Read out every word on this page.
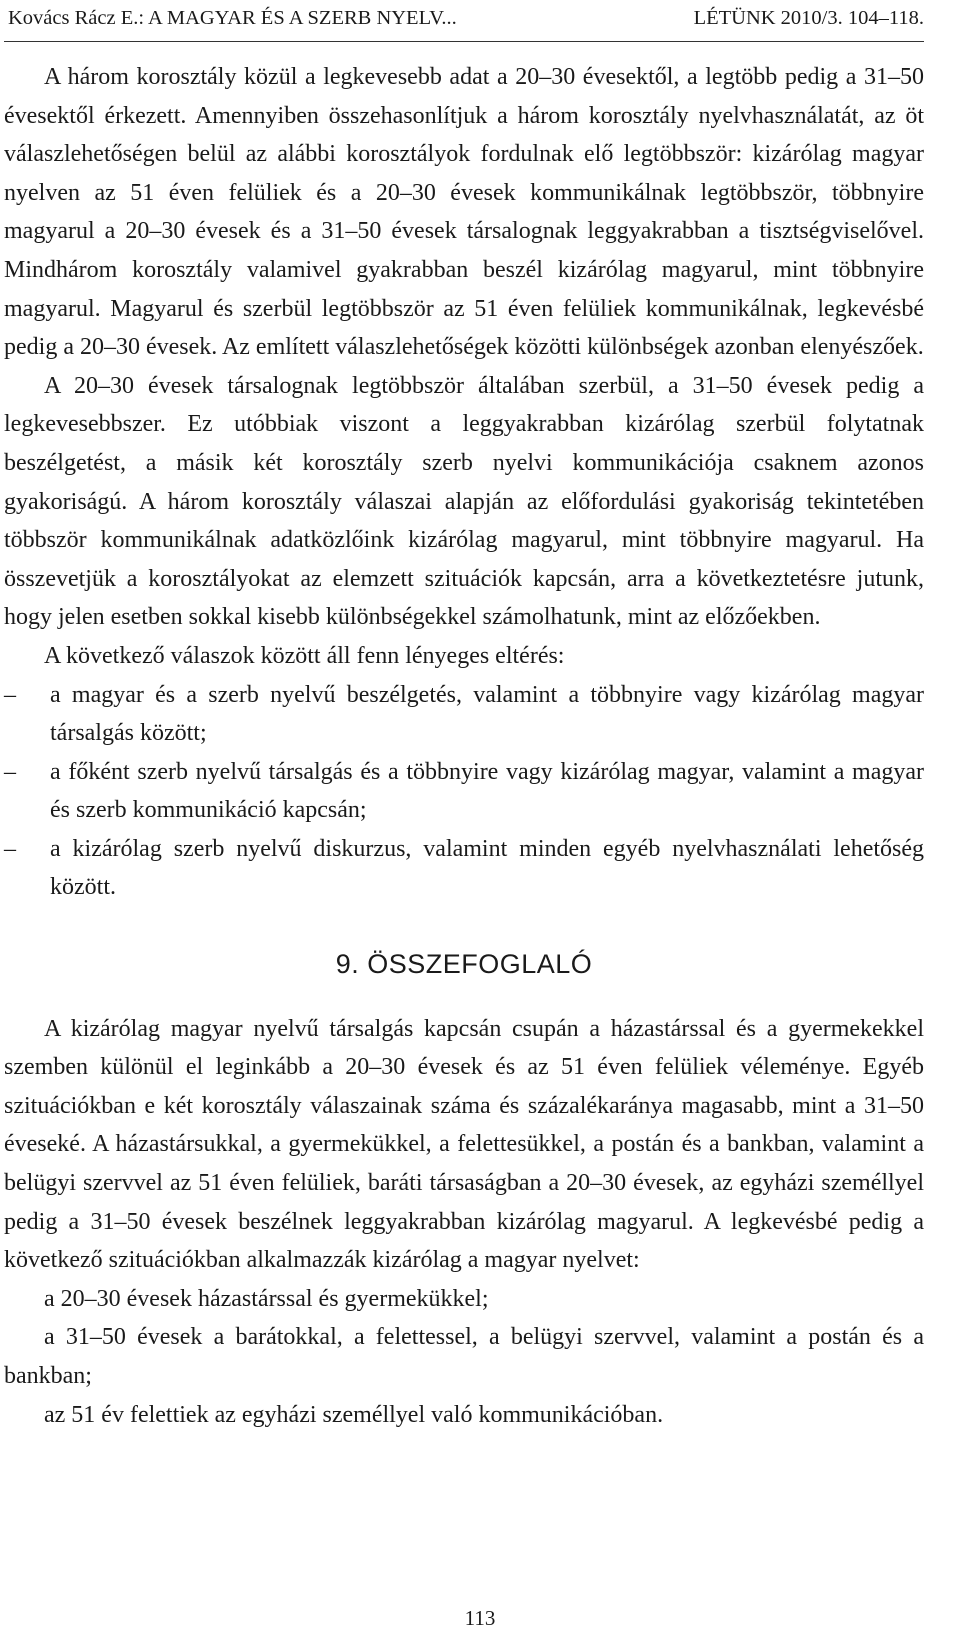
Kovács Rácz E.: A MAGYAR ÉS A SZERB NYELV...	LÉTÜNK 2010/3. 104–118.

A három korosztály közül a legkevesebb adat a 20–30 évesektől, a legtöbb pedig a 31–50 évesektől érkezett. Amennyiben összehasonlítjuk a három korosztály nyelvhasználatát, az öt válaszlehetőségen belül az alábbi korosztályok fordulnak elő legtöbbször: kizárólag magyar nyelven az 51 éven felüliek és a 20–30 évesek kommunikálnak legtöbbször, többnyire magyarul a 20–30 évesek és a 31–50 évesek társalognak leggyakrabban a tisztségviselővel. Mindhárom korosztály valamivel gyakrabban beszél kizárólag magyarul, mint többnyire magyarul. Magyarul és szerbül legtöbbször az 51 éven felüliek kommunikálnak, legkevésbé pedig a 20–30 évesek. Az említett válaszlehetőségek közötti különbségek azonban elenyészőek.

A 20–30 évesek társalognak legtöbbször általában szerbül, a 31–50 évesek pedig a legkevesebbszer. Ez utóbbiak viszont a leggyakrabban kizárólag szerbül folytatnak beszélgetést, a másik két korosztály szerb nyelvi kommunikációja csaknem azonos gyakoriságú. A három korosztály válaszai alapján az előfordulási gyakoriság tekintetében többször kommunikálnak adatközlőink kizárólag magyarul, mint többnyire magyarul. Ha összevetjük a korosztályokat az elemzett szituációk kapcsán, arra a következtetésre jutunk, hogy jelen esetben sokkal kisebb különbségekkel számolhatunk, mint az előzőekben.

A következő válaszok között áll fenn lényeges eltérés:

– a magyar és a szerb nyelvű beszélgetés, valamint a többnyire vagy kizárólag magyar társalgás között;
– a főként szerb nyelvű társalgás és a többnyire vagy kizárólag magyar, valamint a magyar és szerb kommunikáció kapcsán;
– a kizárólag szerb nyelvű diskurzus, valamint minden egyéb nyelvhasználati lehetőség között.
9. ÖSSZEFOGLALÓ

A kizárólag magyar nyelvű társalgás kapcsán csupán a házastárssal és a gyermekekkel szemben különül el leginkább a 20–30 évesek és az 51 éven felüliek véleménye. Egyéb szituációkban e két korosztály válaszainak száma és százalékaránya magasabb, mint a 31–50 éveseké. A házastársukkal, a gyermekükkel, a felettesükkel, a postán és a bankban, valamint a belügyi szervvel az 51 éven felüliek, baráti társaságban a 20–30 évesek, az egyházi személlyel pedig a 31–50 évesek beszélnek leggyakrabban kizárólag magyarul. A legkevésbé pedig a következő szituációkban alkalmazzák kizárólag a magyar nyelvet:

a 20–30 évesek házastárssal és gyermekükkel;

a 31–50 évesek a barátokkal, a felettessel, a belügyi szervvel, valamint a postán és a bankban;

az 51 év felettiek az egyházi személlyel való kommunikációban.

113
